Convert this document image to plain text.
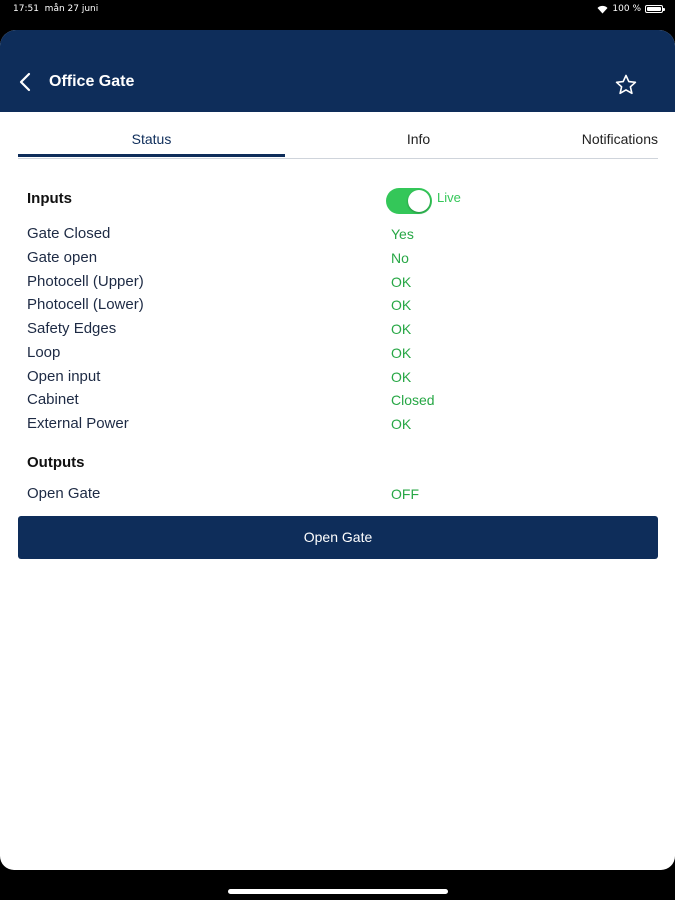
17:51 mån 27 juni	100 %
Office Gate
Status	Info	Notifications
Inputs	Live
Gate Closed	Yes
Gate open	No
Photocell (Upper)	OK
Photocell (Lower)	OK
Safety Edges	OK
Loop	OK
Open input	OK
Cabinet	Closed
External Power	OK
Outputs
Open Gate	OFF
Open Gate
